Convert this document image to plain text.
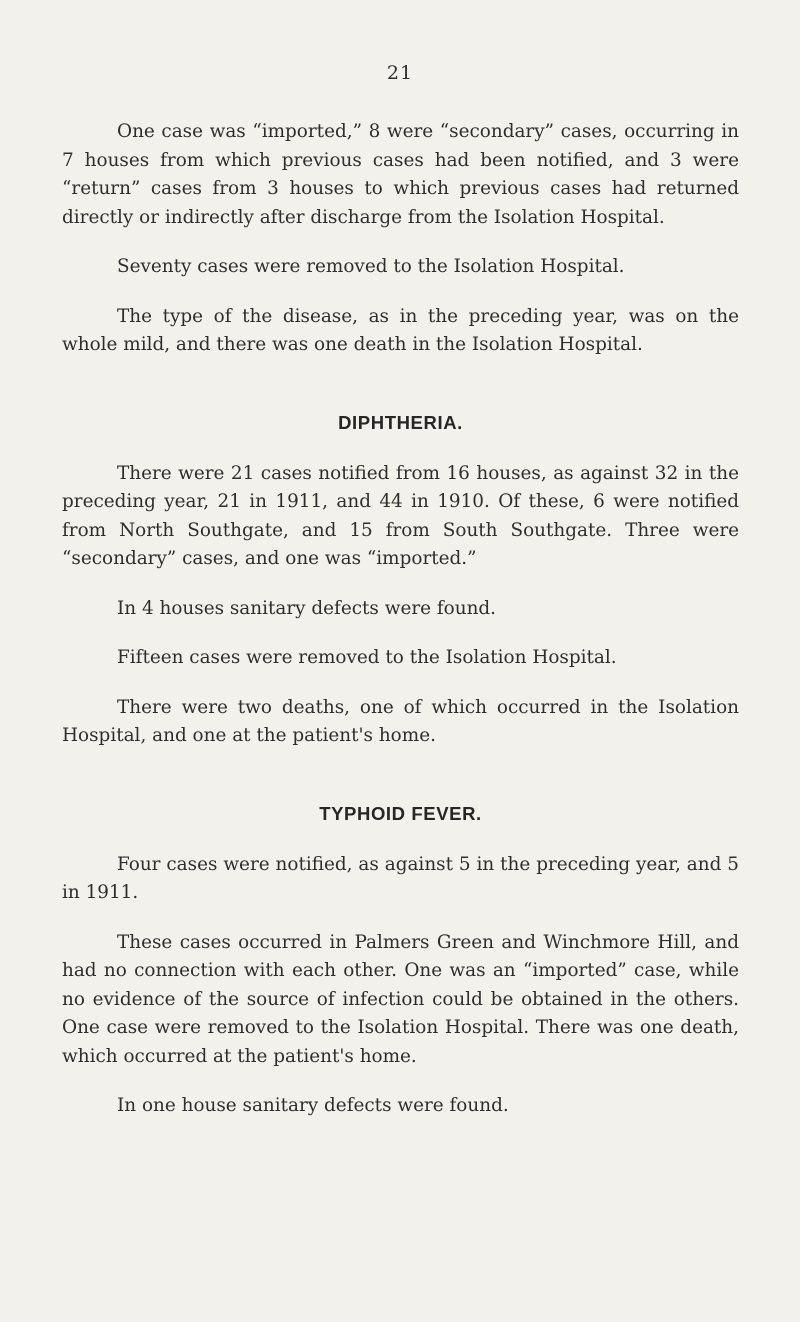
21

One case was “imported,” 8 were “secondary” cases, occurring in 7 houses from which previous cases had been notified, and 3 were “return” cases from 3 houses to which previous cases had returned directly or indirectly after discharge from the Isolation Hospital.

Seventy cases were removed to the Isolation Hospital.

The type of the disease, as in the preceding year, was on the whole mild, and there was one death in the Isolation Hospital.

DIPHTHERIA.

There were 21 cases notified from 16 houses, as against 32 in the preceding year, 21 in 1911, and 44 in 1910. Of these, 6 were notified from North Southgate, and 15 from South Southgate. Three were “secondary” cases, and one was “imported.”

In 4 houses sanitary defects were found.

Fifteen cases were removed to the Isolation Hospital.

There were two deaths, one of which occurred in the Isolation Hospital, and one at the patient's home.

TYPHOID FEVER.

Four cases were notified, as against 5 in the preceding year, and 5 in 1911.

These cases occurred in Palmers Green and Winchmore Hill, and had no connection with each other. One was an “imported” case, while no evidence of the source of infection could be obtained in the others. One case were removed to the Isolation Hospital. There was one death, which occurred at the patient's home.

In one house sanitary defects were found.
